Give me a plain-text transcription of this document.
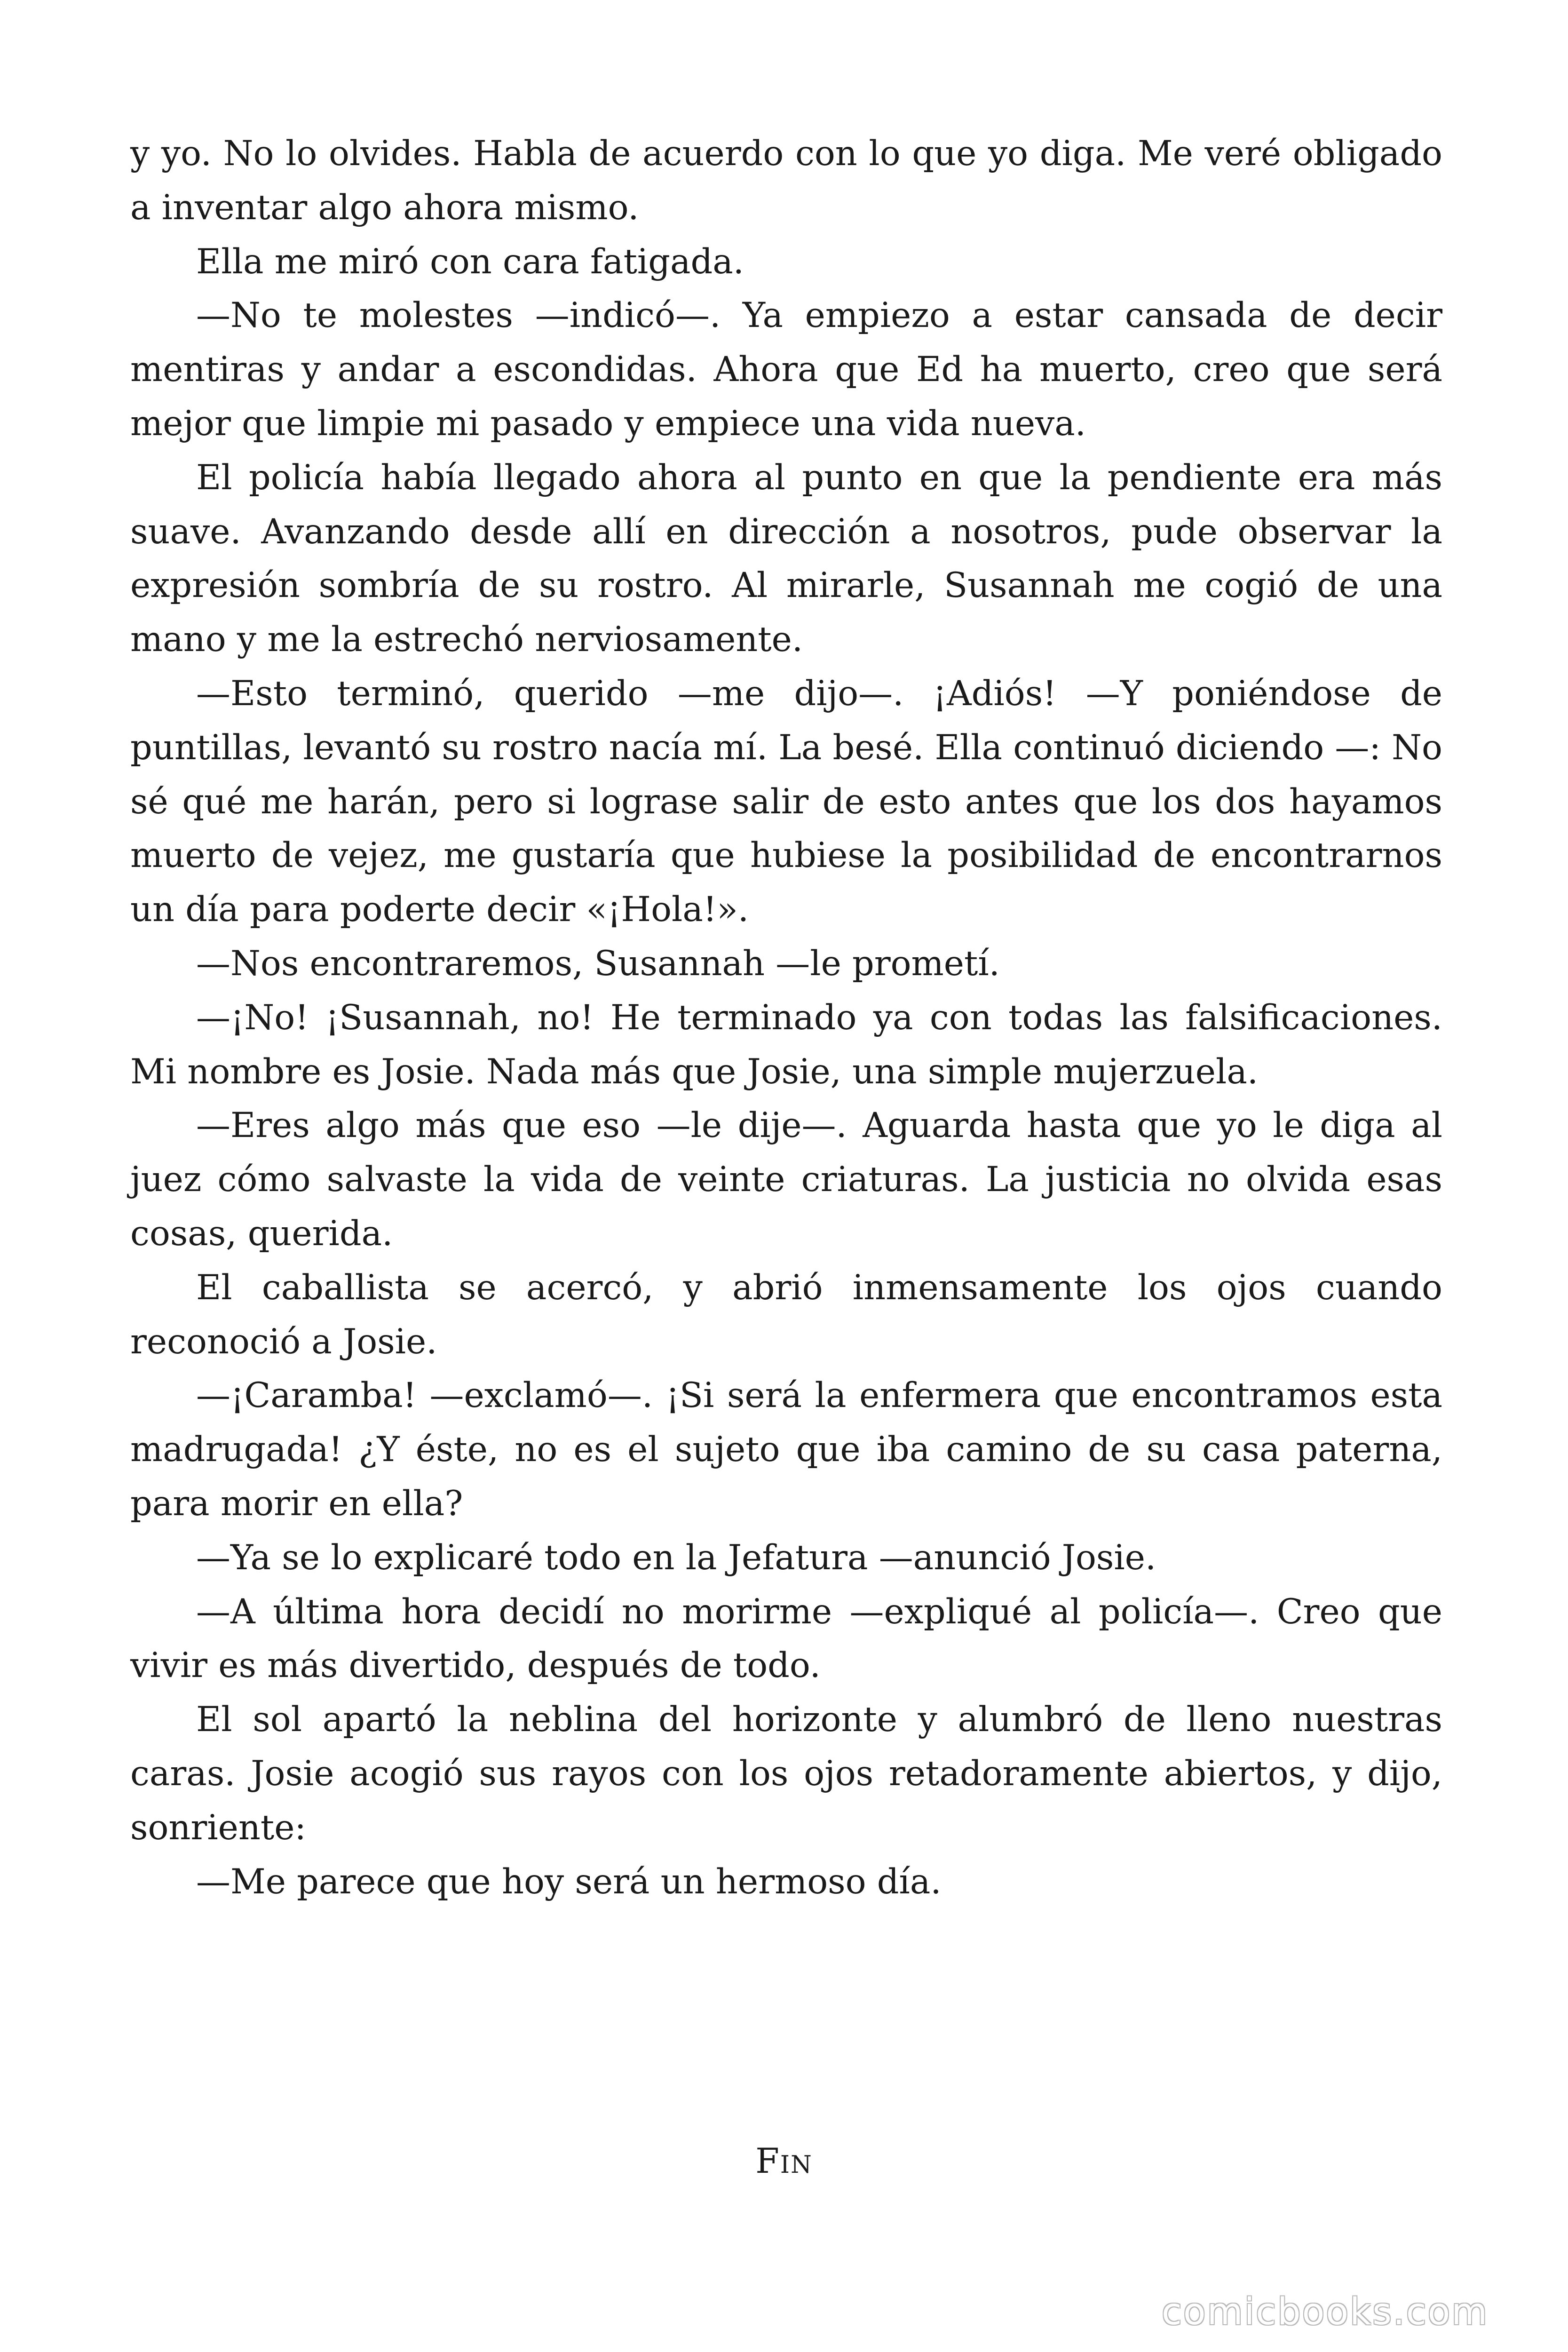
y yo. No lo olvides. Habla de acuerdo con lo que yo diga. Me veré obligado a inventar algo ahora mismo.

Ella me miró con cara fatigada.

—No te molestes —indicó—. Ya empiezo a estar cansada de decir mentiras y andar a escondidas. Ahora que Ed ha muerto, creo que será mejor que limpie mi pasado y empiece una vida nueva.

El policía había llegado ahora al punto en que la pendiente era más suave. Avanzando desde allí en dirección a nosotros, pude observar la expresión sombría de su rostro. Al mirarle, Susannah me cogió de una mano y me la estrechó nerviosamente.

—Esto terminó, querido —me dijo—. ¡Adiós! —Y poniéndose de puntillas, levantó su rostro nacía mí. La besé. Ella continuó diciendo —: No sé qué me harán, pero si lograse salir de esto antes que los dos hayamos muerto de vejez, me gustaría que hubiese la posibilidad de encontrarnos un día para poderte decir «¡Hola!».

—Nos encontraremos, Susannah —le prometí.

—¡No! ¡Susannah, no! He terminado ya con todas las falsificaciones. Mi nombre es Josie. Nada más que Josie, una simple mujerzuela.

—Eres algo más que eso —le dije—. Aguarda hasta que yo le diga al juez cómo salvaste la vida de veinte criaturas. La justicia no olvida esas cosas, querida.

El caballista se acercó, y abrió inmensamente los ojos cuando reconoció a Josie.

—¡Caramba! —exclamó—. ¡Si será la enfermera que encontramos esta madrugada! ¿Y éste, no es el sujeto que iba camino de su casa paterna, para morir en ella?

—Ya se lo explicaré todo en la Jefatura —anunció Josie.

—A última hora decidí no morirme —expliqué al policía—. Creo que vivir es más divertido, después de todo.

El sol apartó la neblina del horizonte y alumbró de lleno nuestras caras. Josie acogió sus rayos con los ojos retadoramente abiertos, y dijo, sonriente:

—Me parece que hoy será un hermoso día.

Fin
comicbooks.com
